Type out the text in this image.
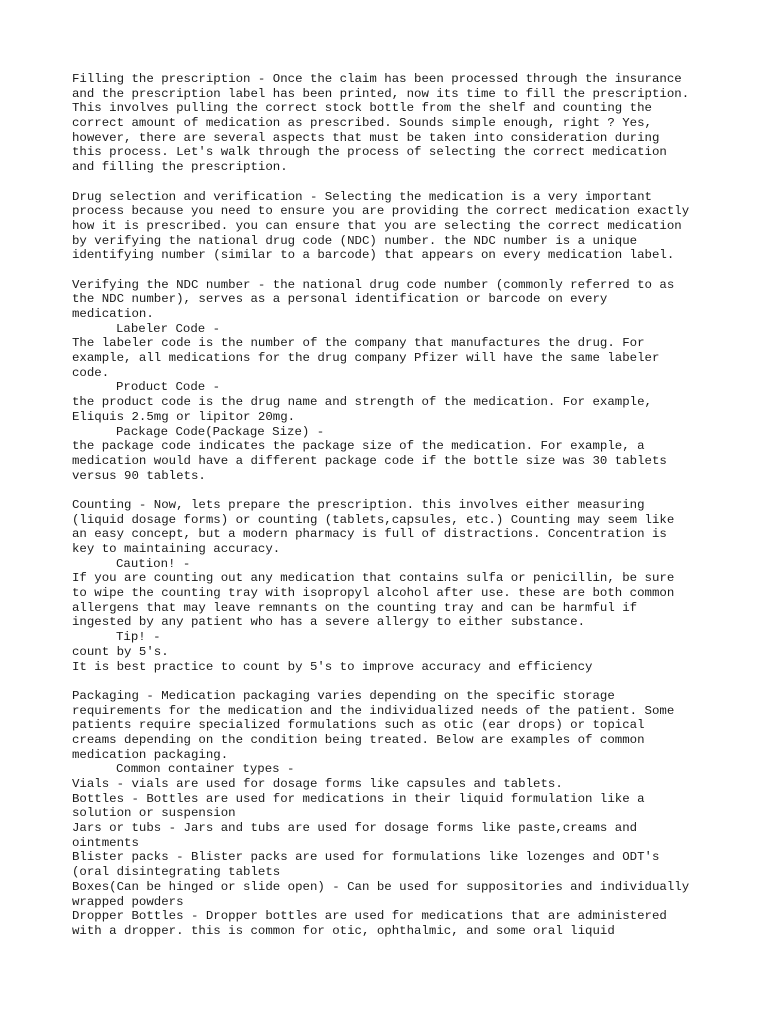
Filling the prescription - Once the claim has been processed through the insurance
and the prescription label has been printed, now its time to fill the prescription.
This involves pulling the correct stock bottle from the shelf and counting the
correct amount of medication as prescribed. Sounds simple enough, right ? Yes,
however, there are several aspects that must be taken into consideration during
this process. Let's walk through the process of selecting the correct medication
and filling the prescription.
Drug selection and verification - Selecting the medication is a very important
process because you need to ensure you are providing the correct medication exactly
how it is prescribed. you can ensure that you are selecting the correct medication
by verifying the national drug code (NDC) number. the NDC number is a unique
identifying number (similar to a barcode) that appears on every medication label.
Verifying the NDC number - the national drug code number (commonly referred to as
the NDC number), serves as a personal identification or barcode on every
medication.
Labeler Code -
The labeler code is the number of the company that manufactures the drug. For
example, all medications for the drug company Pfizer will have the same labeler
code.
Product Code -
the product code is the drug name and strength of the medication. For example,
Eliquis 2.5mg or lipitor 20mg.
Package Code(Package Size) -
the package code indicates the package size of the medication. For example, a
medication would have a different package code if the bottle size was 30 tablets
versus 90 tablets.
Counting - Now, lets prepare the prescription. this involves either measuring
(liquid dosage forms) or counting (tablets,capsules, etc.) Counting may seem like
an easy concept, but a modern pharmacy is full of distractions. Concentration is
key to maintaining accuracy.
Caution! -
If you are counting out any medication that contains sulfa or penicillin, be sure
to wipe the counting tray with isopropyl alcohol after use. these are both common
allergens that may leave remnants on the counting tray and can be harmful if
ingested by any patient who has a severe allergy to either substance.
Tip! -
count by 5's.
It is best practice to count by 5's to improve accuracy and efficiency
Packaging - Medication packaging varies depending on the specific storage
requirements for the medication and the individualized needs of the patient. Some
patients require specialized formulations such as otic (ear drops) or topical
creams depending on the condition being treated. Below are examples of common
medication packaging.
Common container types -
Vials - vials are used for dosage forms like capsules and tablets.
Bottles - Bottles are used for medications in their liquid formulation like a
solution or suspension
Jars or tubs - Jars and tubs are used for dosage forms like paste,creams and
ointments
Blister packs - Blister packs are used for formulations like lozenges and ODT's
(oral disintegrating tablets
Boxes(Can be hinged or slide open) - Can be used for suppositories and individually
wrapped powders
Dropper Bottles - Dropper bottles are used for medications that are administered
with a dropper. this is common for otic, ophthalmic, and some oral liquid
